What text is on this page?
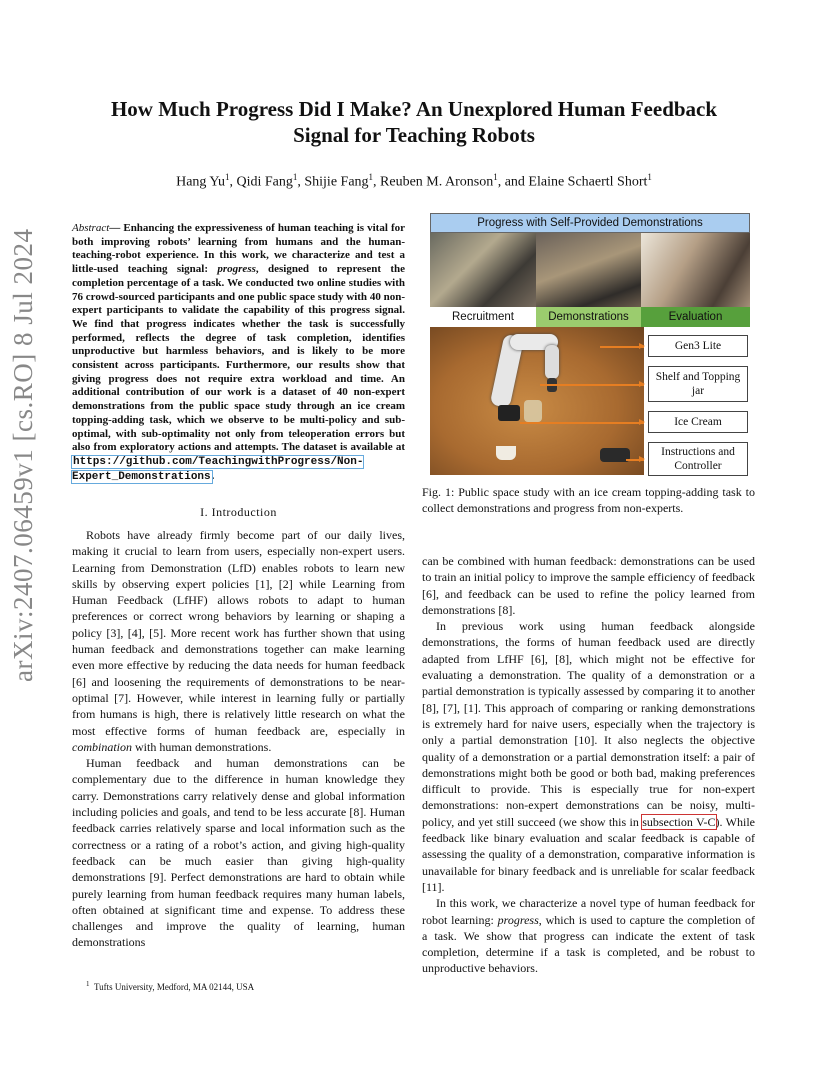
How Much Progress Did I Make? An Unexplored Human Feedback
Signal for Teaching Robots
Hang Yu$^1$, Qidi Fang$^1$, Shijie Fang$^1$, Reuben M. Aronson$^1$, and Elaine Schaertl Short$^1$
arXiv:2407.06459v1 [cs.RO] 8 Jul 2024
Abstract— Enhancing the expressiveness of human teaching is vital for both improving robots’ learning from humans and the human-teaching-robot experience. In this work, we characterize and test a little-used teaching signal: progress, designed to represent the completion percentage of a task. We conducted two online studies with 76 crowd-sourced participants and one public space study with 40 non-expert participants to validate the capability of this progress signal. We find that progress indicates whether the task is successfully performed, reflects the degree of task completion, identifies unproductive but harmless behaviors, and is likely to be more consistent across participants. Furthermore, our results show that giving progress does not require extra workload and time. An additional contribution of our work is a dataset of 40 non-expert demonstrations from the public space study through an ice cream topping-adding task, which we observe to be multi-policy and sub-optimal, with sub-optimality not only from teleoperation errors but also from exploratory actions and attempts. The dataset is available at https://github.com/TeachingwithProgress/Non-Expert_Demonstrations.
I. Introduction

Robots have already firmly become part of our daily lives, making it crucial to learn from users, especially non-expert users. Learning from Demonstration (LfD) enables robots to learn new skills by observing expert policies [1], [2] while Learning from Human Feedback (LfHF) allows robots to adapt to human preferences or correct wrong behaviors by learning or shaping a policy [3], [4], [5]. More recent work has further shown that using human feedback and demonstrations together can make learning even more effective by reducing the data needs for human feedback [6] and loosening the requirements of demonstrations to be near-optimal [7]. However, while interest in learning fully or partially from humans is high, there is relatively little research on what the most effective forms of human feedback are, especially in combination with human demonstrations.

Human feedback and human demonstrations can be complementary due to the difference in human knowledge they carry. Demonstrations carry relatively dense and global information including policies and goals, and tend to be less accurate [8]. Human feedback carries relatively sparse and local information such as the correctness or a rating of a robot’s action, and giving high-quality feedback can be much easier than giving high-quality demonstrations [9]. Perfect demonstrations are hard to obtain while purely learning from human feedback requires many human labels, often obtained at significant time and expense. To address these challenges and improve the quality of learning, human demonstrations

$^1$ Tufts University, Medford, MA 02144, USA
Progress with Self-Provided Demonstrations
Recruitment	Demonstrations	Evaluation
Gen3 Lite
Shelf and Topping jar
Ice Cream
Instructions and Controller
Fig. 1: Public space study with an ice cream topping-adding task to collect demonstrations and progress from non-experts.

can be combined with human feedback: demonstrations can be used to train an initial policy to improve the sample efficiency of feedback [6], and feedback can be used to refine the policy learned from demonstrations [8].

In previous work using human feedback alongside demonstrations, the forms of human feedback used are directly adapted from LfHF [6], [8], which might not be effective for evaluating a demonstration. The quality of a demonstration or a partial demonstration is typically assessed by comparing it to another [8], [7], [1]. This approach of comparing or ranking demonstrations is extremely hard for naive users, especially when the trajectory is only a partial demonstration [10]. It also neglects the objective quality of a demonstration or a partial demonstration itself: a pair of demonstrations might both be good or both bad, making preferences difficult to provide. This is especially true for non-expert demonstrations: non-expert demonstrations can be noisy, multi-policy, and yet still succeed (we show this in subsection V-C). While feedback like binary evaluation and scalar feedback is capable of assessing the quality of a demonstration, comparative information is unavailable for binary feedback and is unreliable for scalar feedback [11].

In this work, we characterize a novel type of human feedback for robot learning: progress, which is used to capture the completion of a task. We show that progress can indicate the extent of task completion, determine if a task is completed, and be robust to unproductive behaviors.
